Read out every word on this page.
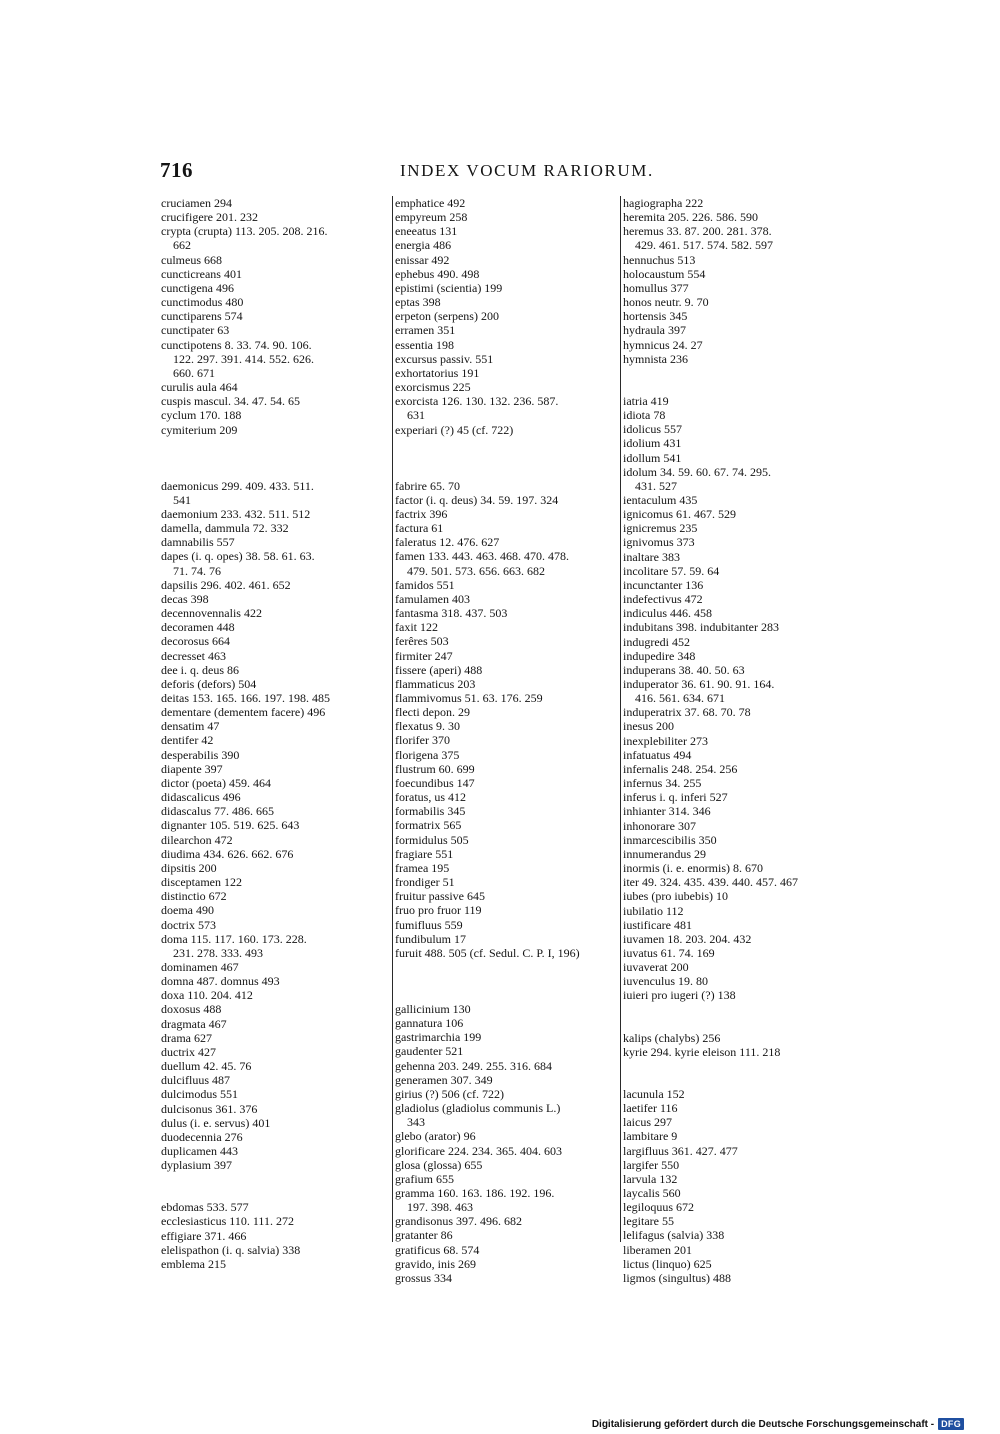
716	INDEX VOCUM RARIORUM.
cruciamen 294
crucifigere 201. 232
crypta (crupta) 113. 205. 208. 216.
662
culmeus 668
cuncticreans 401
cunctigena 496
cunctimodus 480
cunctiparens 574
cunctipater 63
cunctipotens 8. 33. 74. 90. 106.
122. 297. 391. 414. 552. 626.
660. 671
curulis aula 464
cuspis mascul. 34. 47. 54. 65
cyclum 170. 188
cymiterium 209
daemonicus 299. 409. 433. 511.
541
daemonium 233. 432. 511. 512
damella, dammula 72. 332
damnabilis 557
dapes (i. q. opes) 38. 58. 61. 63.
71. 74. 76
dapsilis 296. 402. 461. 652
decas 398
decennovennalis 422
decoramen 448
decorosus 664
decresset 463
dee i. q. deus 86
deforis (defors) 504
deitas 153. 165. 166. 197. 198. 485
dementare (dementem facere) 496
densatim 47
dentifer 42
desperabilis 390
diapente 397
dictor (poeta) 459. 464
didascalicus 496
didascalus 77. 486. 665
dignanter 105. 519. 625. 643
dilearchon 472
diudima 434. 626. 662. 676
dipsitis 200
disceptamen 122
distinctio 672
doema 490
doctrix 573
doma 115. 117. 160. 173. 228.
231. 278. 333. 493
dominamen 467
domna 487. domnus 493
doxa 110. 204. 412
doxosus 488
dragmata 467
drama 627
ductrix 427
duellum 42. 45. 76
dulcifluus 487
dulcimodus 551
dulcisonus 361. 376
dulus (i. e. servus) 401
duodecennia 276
duplicamen 443
dyplasium 397
ebdomas 533. 577
ecclesiasticus 110. 111. 272
effigiare 371. 466
elelispathon (i. q. salvia) 338
emblema 215
emphatice 492
empyreum 258
eneeatus 131
energia 486
enissar 492
ephebus 490. 498
epistimi (scientia) 199
eptas 398
erpeton (serpens) 200
erramen 351
essentia 198
excursus passiv. 551
exhortatorius 191
exorcismus 225
exorcista 126. 130. 132. 236. 587.
631
experiari (?) 45 (cf. 722)
fabrire 65. 70
factor (i. q. deus) 34. 59. 197. 324
factrix 396
factura 61
faleratus 12. 476. 627
famen 133. 443. 463. 468. 470. 478.
479. 501. 573. 656. 663. 682
famidos 551
famulamen 403
fantasma 318. 437. 503
faxit 122
ferêres 503
firmiter 247
fissere (aperi) 488
flammaticus 203
flammivomus 51. 63. 176. 259
flecti depon. 29
flexatus 9. 30
florifer 370
florigena 375
flustrum 60. 699
foecundibus 147
foratus, us 412
formabilis 345
formatrix 565
formidulus 505
fragiare 551
framea 195
frondiger 51
fruitur passive 645
fruo pro fruor 119
fumifluus 559
fundibulum 17
furuit 488. 505 (cf. Sedul. C. P. I, 196)
gallicinium 130
gannatura 106
gastrimarchia 199
gaudenter 521
gehenna 203. 249. 255. 316. 684
generamen 307. 349
girius (?) 506 (cf. 722)
gladiolus (gladiolus communis L.)
343
glebo (arator) 96
glorificare 224. 234. 365. 404. 603
glosa (glossa) 655
grafium 655
gramma 160. 163. 186. 192. 196.
197. 398. 463
grandisonus 397. 496. 682
gratanter 86
gratificus 68. 574
gravido, inis 269
grossus 334
hagiographa 222
heremita 205. 226. 586. 590
heremus 33. 87. 200. 281. 378.
429. 461. 517. 574. 582. 597
hennuchus 513
holocaustum 554
homullus 377
honos neutr. 9. 70
hortensis 345
hydraula 397
hymnicus 24. 27
hymnista 236
iatria 419
idiota 78
idolicus 557
idolium 431
idollum 541
idolum 34. 59. 60. 67. 74. 295.
431. 527
ientaculum 435
ignicomus 61. 467. 529
ignicremus 235
ignivomus 373
inaltare 383
incolitare 57. 59. 64
incunctanter 136
indefectivus 472
indiculus 446. 458
indubitans 398. indubitanter 283
indugredi 452
indupedire 348
induperans 38. 40. 50. 63
induperator 36. 61. 90. 91. 164.
416. 561. 634. 671
induperatrix 37. 68. 70. 78
inesus 200
inexplebiliter 273
infatuatus 494
infernalis 248. 254. 256
infernus 34. 255
inferus i. q. inferi 527
inhianter 314. 346
inhonorare 307
inmarcescibilis 350
innumerandus 29
inormis (i. e. enormis) 8. 670
iter 49. 324. 435. 439. 440. 457. 467
iubes (pro iubebis) 10
iubilatio 112
iustificare 481
iuvamen 18. 203. 204. 432
iuvatus 61. 74. 169
iuvaverat 200
iuvenculus 19. 80
iuieri pro iugeri (?) 138
kalips (chalybs) 256
kyrie 294. kyrie eleison 111. 218
lacunula 152
laetifer 116
laicus 297
lambitare 9
largifluus 361. 427. 477
largifer 550
larvula 132
laycalis 560
legiloquus 672
legitare 55
lelifagus (salvia) 338
liberamen 201
lictus (linquo) 625
ligmos (singultus) 488
Digitalisierung gefördert durch die Deutsche Forschungsgemeinschaft - DFG
